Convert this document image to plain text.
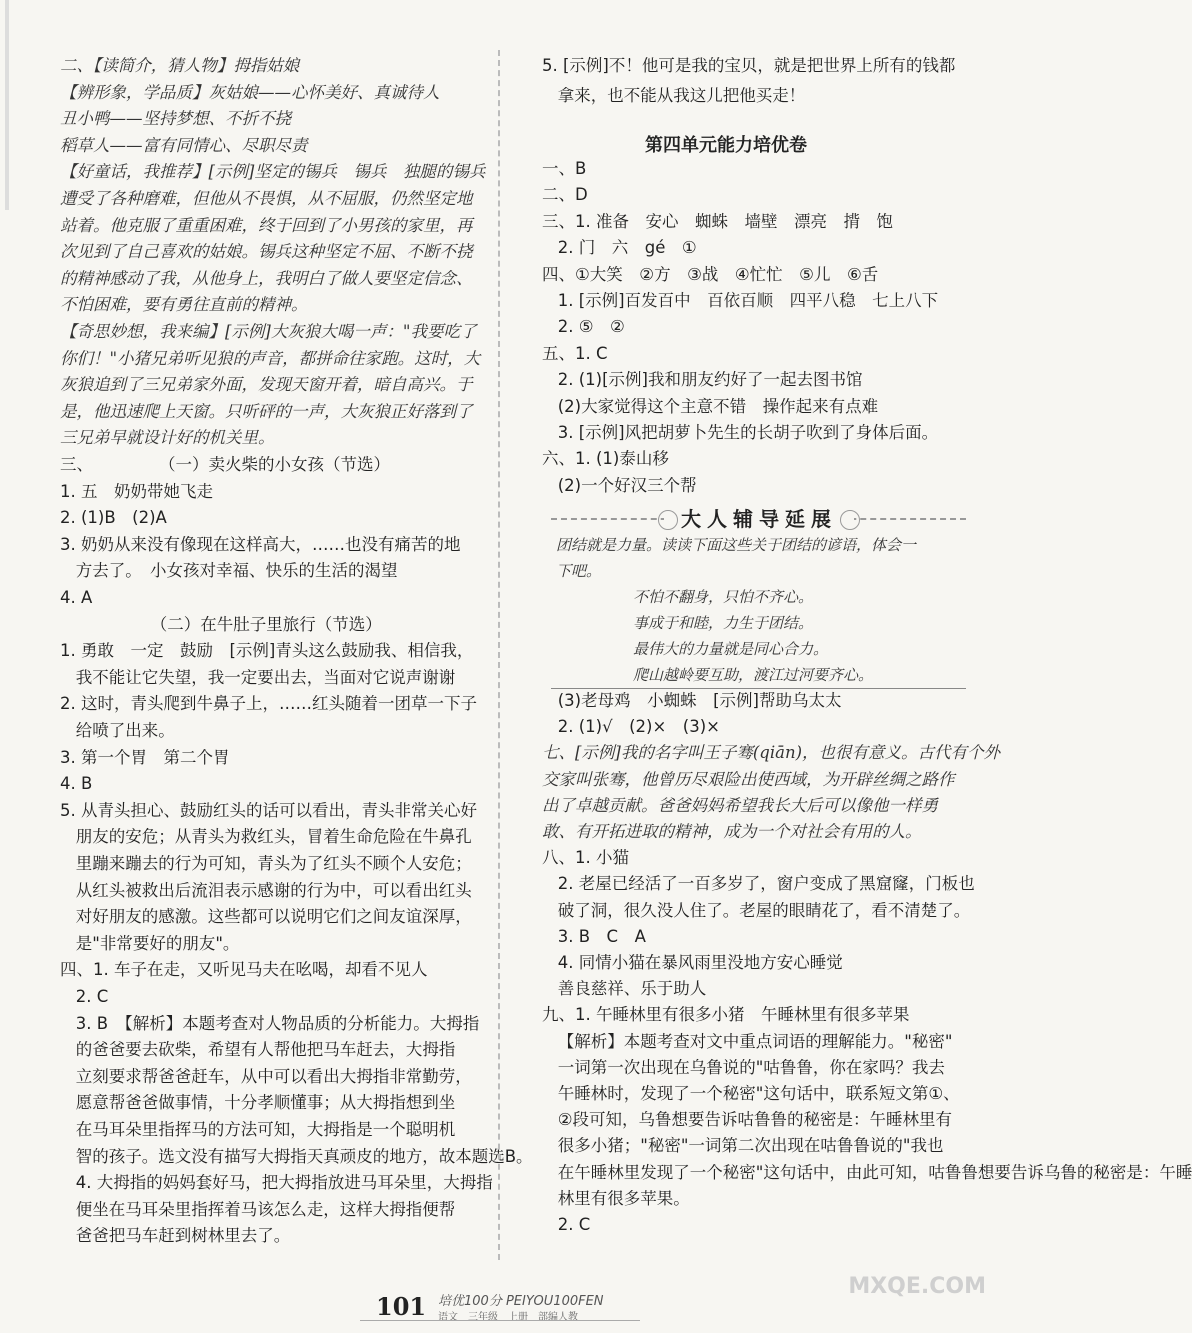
二、【读简介，猜人物】拇指姑娘
【辨形象，学品质】灰姑娘——心怀美好、真诚待人
丑小鸭——坚持梦想、不折不挠
稻草人——富有同情心、尽职尽责
【好童话，我推荐】[示例]坚定的锡兵　锡兵　独腿的锡兵
遭受了各种磨难，但他从不畏惧，从不屈服，仍然坚定地
站着。他克服了重重困难，终于回到了小男孩的家里，再
次见到了自己喜欢的姑娘。锡兵这种坚定不屈、不断不挠
的精神感动了我，从他身上，我明白了做人要坚定信念、
不怕困难，要有勇往直前的精神。
【奇思妙想，我来编】[示例]大灰狼大喝一声："我要吃了
你们！"小猪兄弟听见狼的声音，都拼命往家跑。这时，大
灰狼追到了三兄弟家外面，发现天窗开着，暗自高兴。于
是，他迅速爬上天窗。只听砰的一声，大灰狼正好落到了
三兄弟早就设计好的机关里。
三、　　　　　（一）卖火柴的小女孩（节选）
1. 五　奶奶带她飞走
2. (1)B　(2)A
3. 奶奶从来没有像现在这样高大，……也没有痛苦的地
方去了。　小女孩对幸福、快乐的生活的渴望
4. A
　　　　　　（二）在牛肚子里旅行（节选）
1. 勇敢　一定　鼓励　[示例]青头这么鼓励我、相信我，
我不能让它失望，我一定要出去，当面对它说声谢谢
2. 这时，青头爬到牛鼻子上，……红头随着一团草一下子
给喷了出来。
3. 第一个胃　第二个胃
4. B
5. 从青头担心、鼓励红头的话可以看出，青头非常关心好
朋友的安危；从青头为救红头，冒着生命危险在牛鼻孔
里蹦来蹦去的行为可知，青头为了红头不顾个人安危；
从红头被救出后流泪表示感谢的行为中，可以看出红头
对好朋友的感激。这些都可以说明它们之间友谊深厚，
是"非常要好的朋友"。
四、1. 车子在走，又听见马夫在吆喝，却看不见人
2. C
3. B　【解析】本题考查对人物品质的分析能力。大拇指
的爸爸要去砍柴，希望有人帮他把马车赶去，大拇指
立刻要求帮爸爸赶车，从中可以看出大拇指非常勤劳，
愿意帮爸爸做事情，十分孝顺懂事；从大拇指想到坐
在马耳朵里指挥马的方法可知，大拇指是一个聪明机
智的孩子。选文没有描写大拇指天真顽皮的地方，故本题选B。
4. 大拇指的妈妈套好马，把大拇指放进马耳朵里，大拇指
便坐在马耳朵里指挥着马该怎么走，这样大拇指便帮
爸爸把马车赶到树林里去了。
5. [示例]不！他可是我的宝贝，就是把世界上所有的钱都
拿来，也不能从我这儿把他买走！
一、B
二、D
三、1. 准备　安心　蜘蛛　墙壁　漂亮　揹　饱
2. 门　六　gé　①
四、①大笑　②方　③战　④忙忙　⑤儿　⑥舌
1. [示例]百发百中　百依百顺　四平八稳　七上八下
2. ⑤　②
五、1. C
2. (1)[示例]我和朋友约好了一起去图书馆
(2)大家觉得这个主意不错　操作起来有点难
3. [示例]风把胡萝卜先生的长胡子吹到了身体后面。
六、1. (1)泰山移
(2)一个好汉三个帮
(3)老母鸡　小蜘蛛　[示例]帮助乌太太
2. (1)√　(2)×　(3)×
七、[示例]我的名字叫王子骞(qiān)，也很有意义。古代有个外
交家叫张骞，他曾历尽艰险出使西域，为开辟丝绸之路作
出了卓越贡献。爸爸妈妈希望我长大后可以像他一样勇
敢、有开拓进取的精神，成为一个对社会有用的人。
八、1. 小猫
2. 老屋已经活了一百多岁了，窗户变成了黑窟窿，门板也
破了洞，很久没人住了。老屋的眼睛花了，看不清楚了。
3. B　C　A
4. 同情小猫在暴风雨里没地方安心睡觉
善良慈祥、乐于助人
九、1. 午睡林里有很多小猪　午睡林里有很多苹果
【解析】本题考查对文中重点词语的理解能力。"秘密"
一词第一次出现在乌鲁说的"咕鲁鲁，你在家吗？我去
午睡林时，发现了一个秘密"这句话中，联系短文第①、
②段可知，乌鲁想要告诉咕鲁鲁的秘密是：午睡林里有
很多小猪；"秘密"一词第二次出现在咕鲁鲁说的"我也
在午睡林里发现了一个秘密"这句话中，由此可知，咕鲁鲁想要告诉乌鲁的秘密是：午睡
林里有很多苹果。
2. C
第四单元能力培优卷
大人辅导延展
团结就是力量。读读下面这些关于团结的谚语，体会一
下吧。
不怕不翻身，只怕不齐心。
事成于和睦，力生于团结。
最伟大的力量就是同心合力。
爬山越岭要互助，渡江过河要齐心。
101 培优100分 PEIYOU100FEN
语文　三年级　上册　部编人教
MXQE.COM
